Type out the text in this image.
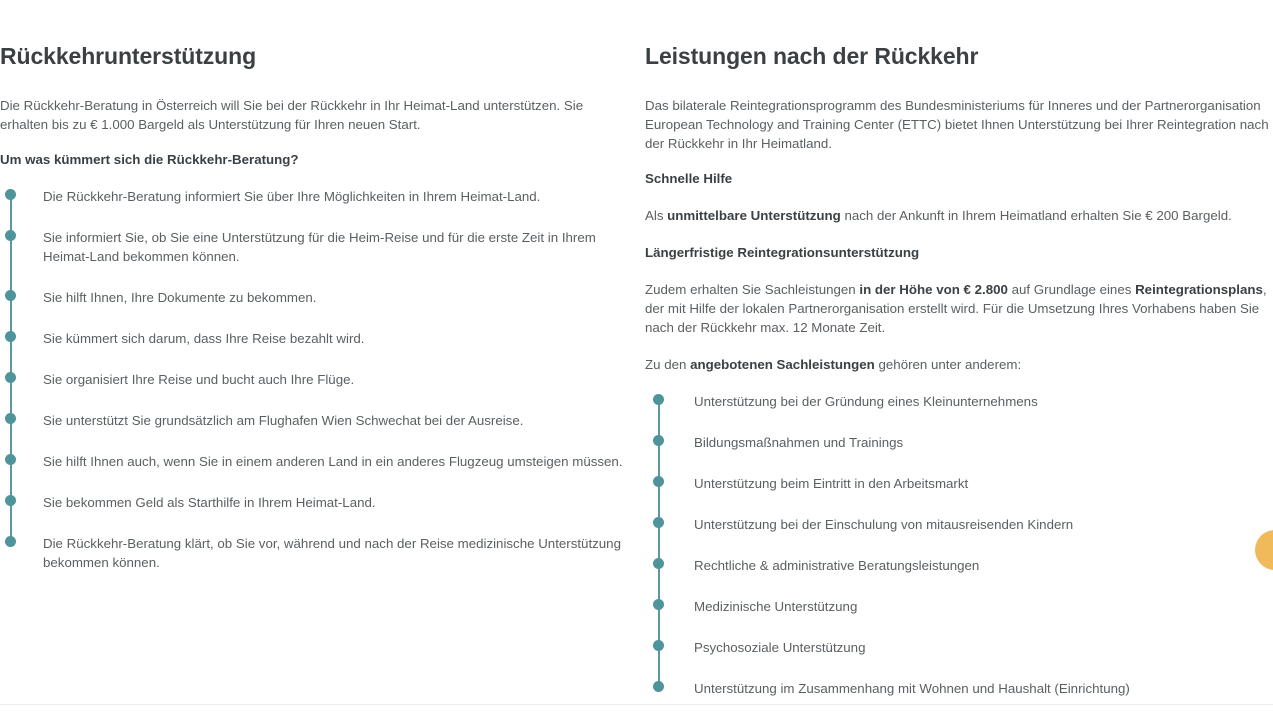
Rückkehrunterstützung

Die Rückkehr-Beratung in Österreich will Sie bei der Rückkehr in Ihr Heimat-Land unterstützen. Sie erhalten bis zu € 1.000 Bargeld als Unterstützung für Ihren neuen Start.

Um was kümmert sich die Rückkehr-Beratung?

Die Rückkehr-Beratung informiert Sie über Ihre Möglichkeiten in Ihrem Heimat-Land.
Sie informiert Sie, ob Sie eine Unterstützung für die Heim-Reise und für die erste Zeit in Ihrem Heimat-Land bekommen können.
Sie hilft Ihnen, Ihre Dokumente zu bekommen.
Sie kümmert sich darum, dass Ihre Reise bezahlt wird.
Sie organisiert Ihre Reise und bucht auch Ihre Flüge.
Sie unterstützt Sie grundsätzlich am Flughafen Wien Schwechat bei der Ausreise.
Sie hilft Ihnen auch, wenn Sie in einem anderen Land in ein anderes Flugzeug umsteigen müssen.
Sie bekommen Geld als Starthilfe in Ihrem Heimat-Land.
Die Rückkehr-Beratung klärt, ob Sie vor, während und nach der Reise medizinische Unterstützung bekommen können.
Leistungen nach der Rückkehr

Das bilaterale Reintegrationsprogramm des Bundesministeriums für Inneres und der Partnerorganisation European Technology and Training Center (ETTC) bietet Ihnen Unterstützung bei Ihrer Reintegration nach der Rückkehr in Ihr Heimatland.

Schnelle Hilfe

Als unmittelbare Unterstützung nach der Ankunft in Ihrem Heimatland erhalten Sie € 200 Bargeld.

Längerfristige Reintegrationsunterstützung

Zudem erhalten Sie Sachleistungen in der Höhe von € 2.800 auf Grundlage eines Reintegrationsplans, der mit Hilfe der lokalen Partnerorganisation erstellt wird. Für die Umsetzung Ihres Vorhabens haben Sie nach der Rückkehr max. 12 Monate Zeit.

Zu den angebotenen Sachleistungen gehören unter anderem:

Unterstützung bei der Gründung eines Kleinunternehmens
Bildungsmaßnahmen und Trainings
Unterstützung beim Eintritt in den Arbeitsmarkt
Unterstützung bei der Einschulung von mitausreisenden Kindern
Rechtliche & administrative Beratungsleistungen
Medizinische Unterstützung
Psychosoziale Unterstützung
Unterstützung im Zusammenhang mit Wohnen und Haushalt (Einrichtung)
